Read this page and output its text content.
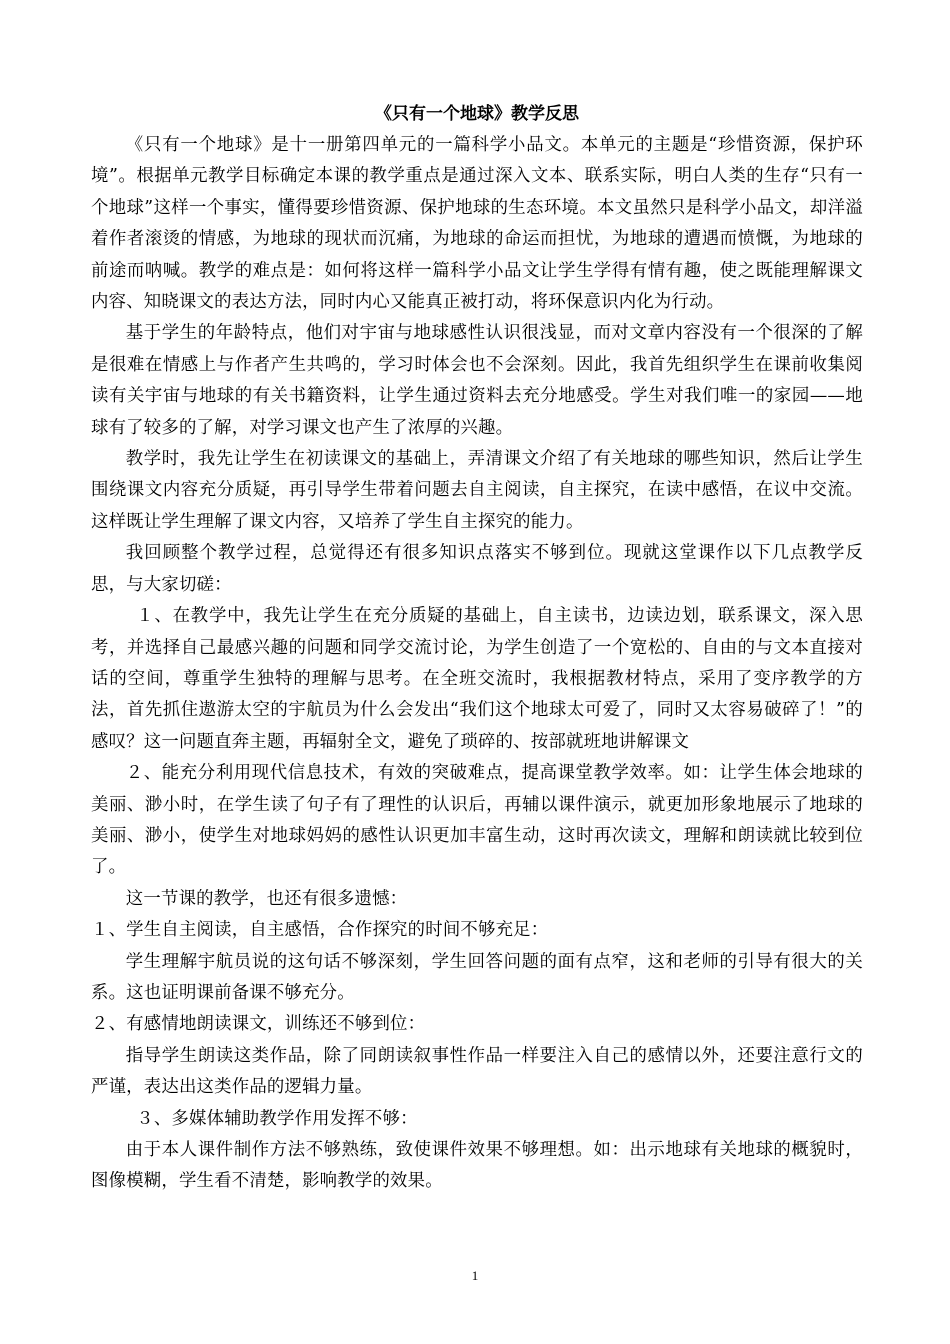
《只有一个地球》教学反思

《只有一个地球》是十一册第四单元的一篇科学小品文。本单元的主题是“珍惜资源，保护环境”。根据单元教学目标确定本课的教学重点是通过深入文本、联系实际，明白人类的生存“只有一个地球”这样一个事实，懂得要珍惜资源、保护地球的生态环境。本文虽然只是科学小品文，却洋溢着作者滚烫的情感，为地球的现状而沉痛，为地球的命运而担忧，为地球的遭遇而愤慨，为地球的前途而呐喊。教学的难点是：如何将这样一篇科学小品文让学生学得有情有趣，使之既能理解课文内容、知晓课文的表达方法，同时内心又能真正被打动，将环保意识内化为行动。

基于学生的年龄特点，他们对宇宙与地球感性认识很浅显，而对文章内容没有一个很深的了解是很难在情感上与作者产生共鸣的，学习时体会也不会深刻。因此，我首先组织学生在课前收集阅读有关宇宙与地球的有关书籍资料，让学生通过资料去充分地感受。学生对我们唯一的家园——地球有了较多的了解，对学习课文也产生了浓厚的兴趣。

教学时，我先让学生在初读课文的基础上，弄清课文介绍了有关地球的哪些知识，然后让学生围绕课文内容充分质疑，再引导学生带着问题去自主阅读，自主探究，在读中感悟，在议中交流。这样既让学生理解了课文内容，又培养了学生自主探究的能力。

我回顾整个教学过程，总觉得还有很多知识点落实不够到位。现就这堂课作以下几点教学反思，与大家切磋：

１、在教学中，我先让学生在充分质疑的基础上，自主读书，边读边划，联系课文，深入思考，并选择自己最感兴趣的问题和同学交流讨论，为学生创造了一个宽松的、自由的与文本直接对话的空间，尊重学生独特的理解与思考。在全班交流时，我根据教材特点，采用了变序教学的方法，首先抓住遨游太空的宇航员为什么会发出“我们这个地球太可爱了，同时又太容易破碎了！”的感叹？这一问题直奔主题，再辐射全文，避免了琐碎的、按部就班地讲解课文

２、能充分利用现代信息技术，有效的突破难点，提高课堂教学效率。如：让学生体会地球的美丽、渺小时，在学生读了句子有了理性的认识后，再辅以课件演示，就更加形象地展示了地球的美丽、渺小，使学生对地球妈妈的感性认识更加丰富生动，这时再次读文，理解和朗读就比较到位了。

这一节课的教学，也还有很多遗憾：

１、学生自主阅读，自主感悟，合作探究的时间不够充足：

学生理解宇航员说的这句话不够深刻，学生回答问题的面有点窄，这和老师的引导有很大的关系。这也证明课前备课不够充分。

２、有感情地朗读课文，训练还不够到位：

指导学生朗读这类作品，除了同朗读叙事性作品一样要注入自己的感情以外，还要注意行文的严谨，表达出这类作品的逻辑力量。

３、多媒体辅助教学作用发挥不够：

由于本人课件制作方法不够熟练，致使课件效果不够理想。如：出示地球有关地球的概貌时，图像模糊，学生看不清楚，影响教学的效果。

1
